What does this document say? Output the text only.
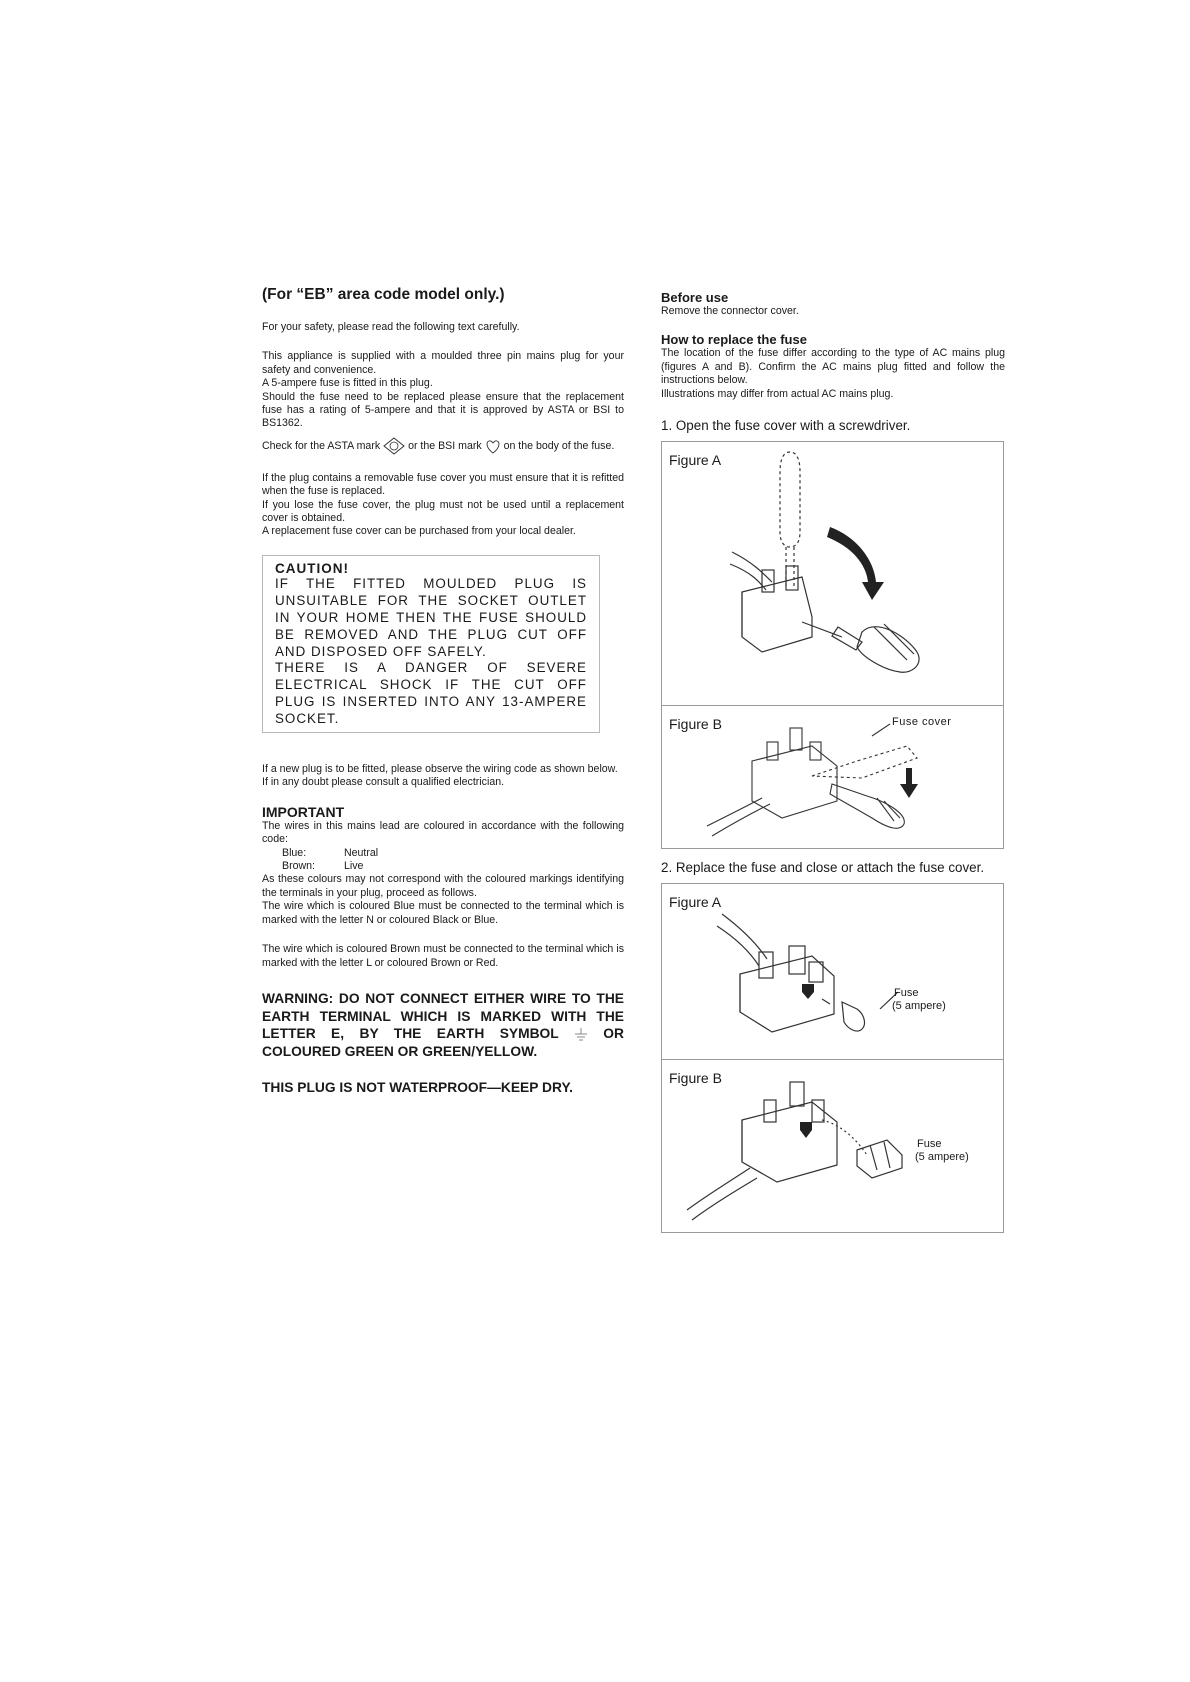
(For “EB” area code model only.)

For your safety, please read the following text carefully.

This appliance is supplied with a moulded three pin mains plug for your safety and convenience.

A 5-ampere fuse is fitted in this plug.

Should the fuse need to be replaced please ensure that the replacement fuse has a rating of 5-ampere and that it is approved by ASTA or BSI to BS1362.

Check for the ASTA mark	or the BSI mark on the body of the fuse.

If the plug contains a removable fuse cover you must ensure that it is refitted when the fuse is replaced.

If you lose the fuse cover, the plug must not be used until a replacement cover is obtained.

A replacement fuse cover can be purchased from your local dealer.

CAUTION!

IF THE FITTED MOULDED PLUG IS UNSUITABLE FOR THE SOCKET OUTLET IN YOUR HOME THEN THE FUSE SHOULD BE REMOVED AND THE PLUG CUT OFF AND DISPOSED OFF SAFELY.

THERE IS A DANGER OF SEVERE ELECTRICAL SHOCK IF THE CUT OFF PLUG IS INSERTED INTO ANY 13-AMPERE SOCKET.

If a new plug is to be fitted, please observe the wiring code as shown below.

If in any doubt please consult a qualified electrician.

IMPORTANT

The wires in this mains lead are coloured in accordance with the following code:

Blue:	Neutral
Brown:	Live

As these colours may not correspond with the coloured markings identifying the terminals in your plug, proceed as follows.

The wire which is coloured Blue must be connected to the terminal which is marked with the letter N or coloured Black or Blue.

The wire which is coloured Brown must be connected to the terminal which is marked with the letter L or coloured Brown or Red.

WARNING: DO NOT CONNECT EITHER WIRE TO THE EARTH TERMINAL WHICH IS MARKED WITH THE LETTER E, BY THE EARTH SYMBOL	OR COLOURED GREEN OR GREEN/YELLOW.

THIS PLUG IS NOT WATERPROOF—KEEP DRY.

Before use

Remove the connector cover.

How to replace the fuse

The location of the fuse differ according to the type of AC mains plug (figures A and B). Confirm the AC mains plug fitted and follow the instructions below.

Illustrations may differ from actual AC mains plug.

1. Open the fuse cover with a screwdriver.

Figure A
Figure B	Fuse cover

2. Replace the fuse and close or attach the fuse cover.

Figure A
Fuse
(5 ampere)
Figure B
Fuse
(5 ampere)
